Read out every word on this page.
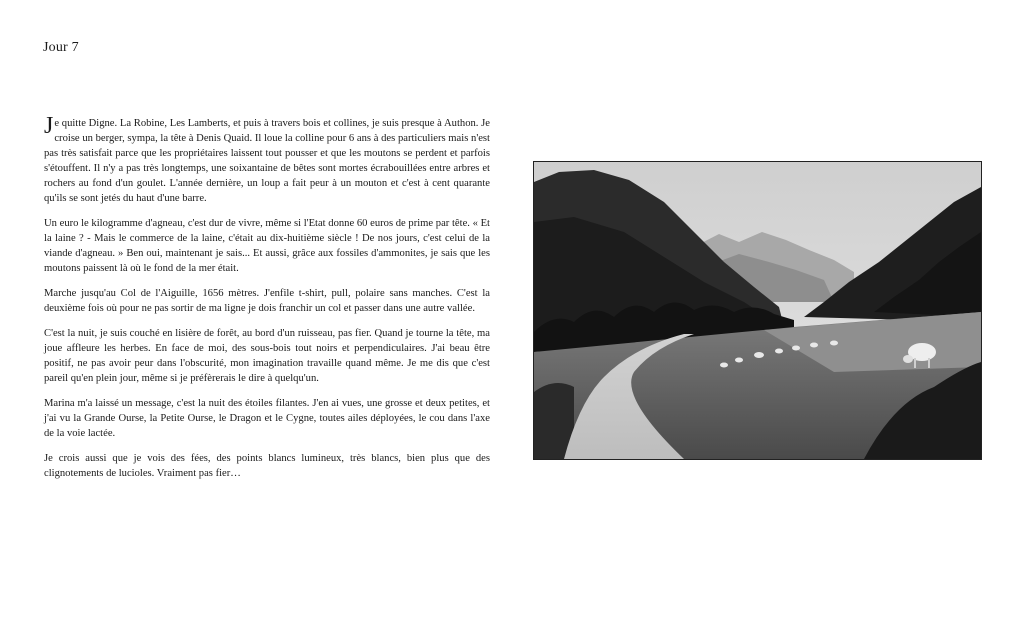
Jour 7

Je quitte Digne. La Robine, Les Lamberts, et puis à travers bois et collines, je suis presque à Authon. Je croise un berger, sympa, la tête à Denis Quaid. Il loue la colline pour 6 ans à des particuliers mais n'est pas très satisfait parce que les propriétaires laissent tout pousser et que les moutons se perdent et parfois s'étouffent. Il n'y a pas très longtemps, une soixantaine de bêtes sont mortes écrabouillées entre arbres et rochers au fond d'un goulet. L'année dernière, un loup a fait peur à un mouton et c'est à cent quarante qu'ils se sont jetés du haut d'une barre.

Un euro le kilogramme d'agneau, c'est dur de vivre, même si l'Etat donne 60 euros de prime par tête. « Et la laine ? - Mais le commerce de la laine, c'était au dix-huitième siècle ! De nos jours, c'est celui de la viande d'agneau. » Ben oui, maintenant je sais... Et aussi, grâce aux fossiles d'ammonites, je sais que les moutons paissent là où le fond de la mer était.

Marche jusqu'au Col de l'Aiguille, 1656 mètres. J'enfile t-shirt, pull, polaire sans manches. C'est la deuxième fois où pour ne pas sortir de ma ligne je dois franchir un col et passer dans une autre vallée.

C'est la nuit, je suis couché en lisière de forêt, au bord d'un ruisseau, pas fier. Quand je tourne la tête, ma joue affleure les herbes. En face de moi, des sous-bois tout noirs et perpendiculaires. J'ai beau être positif, ne pas avoir peur dans l'obscurité, mon imagination travaille quand même. Je me dis que c'est pareil qu'en plein jour, même si je préfèrerais le dire à quelqu'un.

Marina m'a laissé un message, c'est la nuit des étoiles filantes. J'en ai vues, une grosse et deux petites, et j'ai vu la Grande Ourse, la Petite Ourse, le Dragon et le Cygne, toutes ailes déployées, le cou dans l'axe de la voie lactée.

Je crois aussi que je vois des fées, des points blancs lumineux, très blancs, bien plus que des clignotements de lucioles. Vraiment pas fier…
